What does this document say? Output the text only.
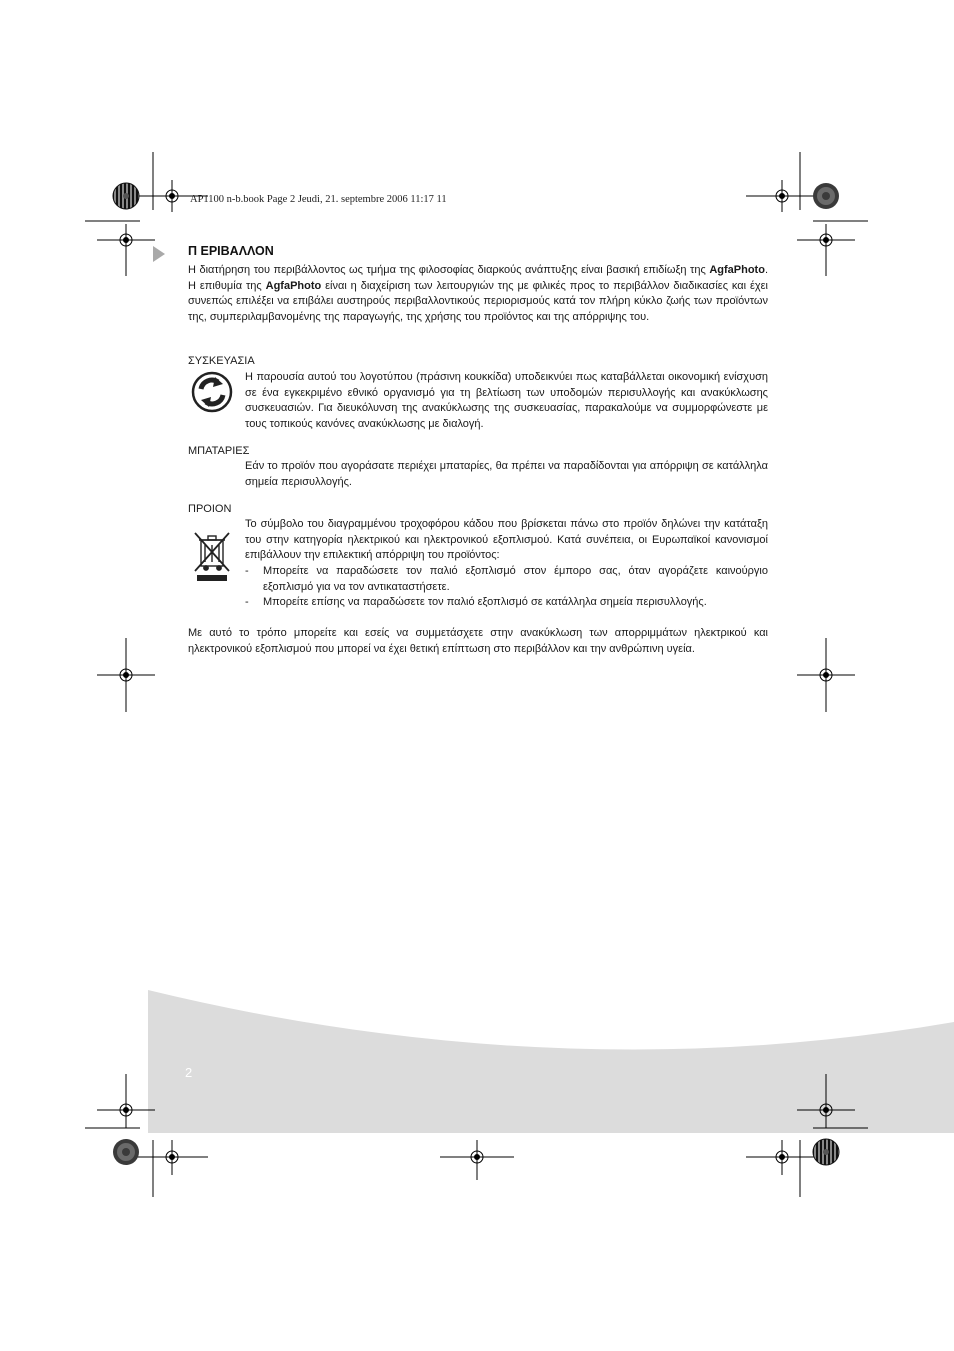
AP1100 n-b.book Page 2 Jeudi, 21. septembre 2006 11:17 11
Π ΕΡΙΒΑΛΛΟΝ
Η διατήρηση του περιβάλλοντος ως τμήμα της φιλοσοφίας διαρκούς ανάπτυξης είναι βασική επιδίωξη της AgfaPhoto. Η επιθυμία της AgfaPhoto είναι η διαχείριση των λειτουργιών της με φιλικές προς το περιβάλλον διαδικασίες και έχει συνεπώς επιλέξει να επιβάλει αυστηρούς περιβαλλοντικούς περιορισμούς κατά τον πλήρη κύκλο ζωής των προϊόντων της, συμπεριλαμβανομένης της παραγωγής, της χρήσης του προϊόντος και της απόρριψης του.
ΣΥΣΚΕΥΑΣΙΑ
Η παρουσία αυτού του λογοτύπου (πράσινη κουκκίδα) υποδεικνύει πως καταβάλλεται οικονομική ενίσχυση σε ένα εγκεκριμένο εθνικό οργανισμό για τη βελτίωση των υποδομών περισυλλογής και ανακύκλωσης συσκευασιών. Για διευκόλυνση της ανακύκλωσης της συσκευασίας, παρακαλούμε να συμμορφώνεστε με τους τοπικούς κανόνες ανακύκλωσης με διαλογή.
ΜΠΑΤΑΡΙΕΣ
Εάν το προϊόν που αγοράσατε περιέχει μπαταρίες, θα πρέπει να παραδίδονται για απόρριψη σε κατάλληλα σημεία περισυλλογής.
ΠΡΟΙΟΝ
Το σύμβολο του διαγραμμένου τροχοφόρου κάδου που βρίσκεται πάνω στο προϊόν δηλώνει την κατάταξη του στην κατηγορία ηλεκτρικού και ηλεκτρονικού εξοπλισμού. Κατά συνέπεια, οι Ευρωπαϊκοί κανονισμοί επιβάλλουν την επιλεκτική απόρριψη του προϊόντος:
- Μπορείτε να παραδώσετε τον παλιό εξοπλισμό στον έμπορο σας, όταν αγοράζετε καινούργιο εξοπλισμό για να τον αντικαταστήσετε.
- Μπορείτε επίσης να παραδώσετε τον παλιό εξοπλισμό σε κατάλληλα σημεία περισυλλογής.
Με αυτό το τρόπο μπορείτε και εσείς να συμμετάσχετε στην ανακύκλωση των απορριμμάτων ηλεκτρικού και ηλεκτρονικού εξοπλισμού που μπορεί να έχει θετική επίπτωση στο περιβάλλον και την ανθρώπινη υγεία.
2
